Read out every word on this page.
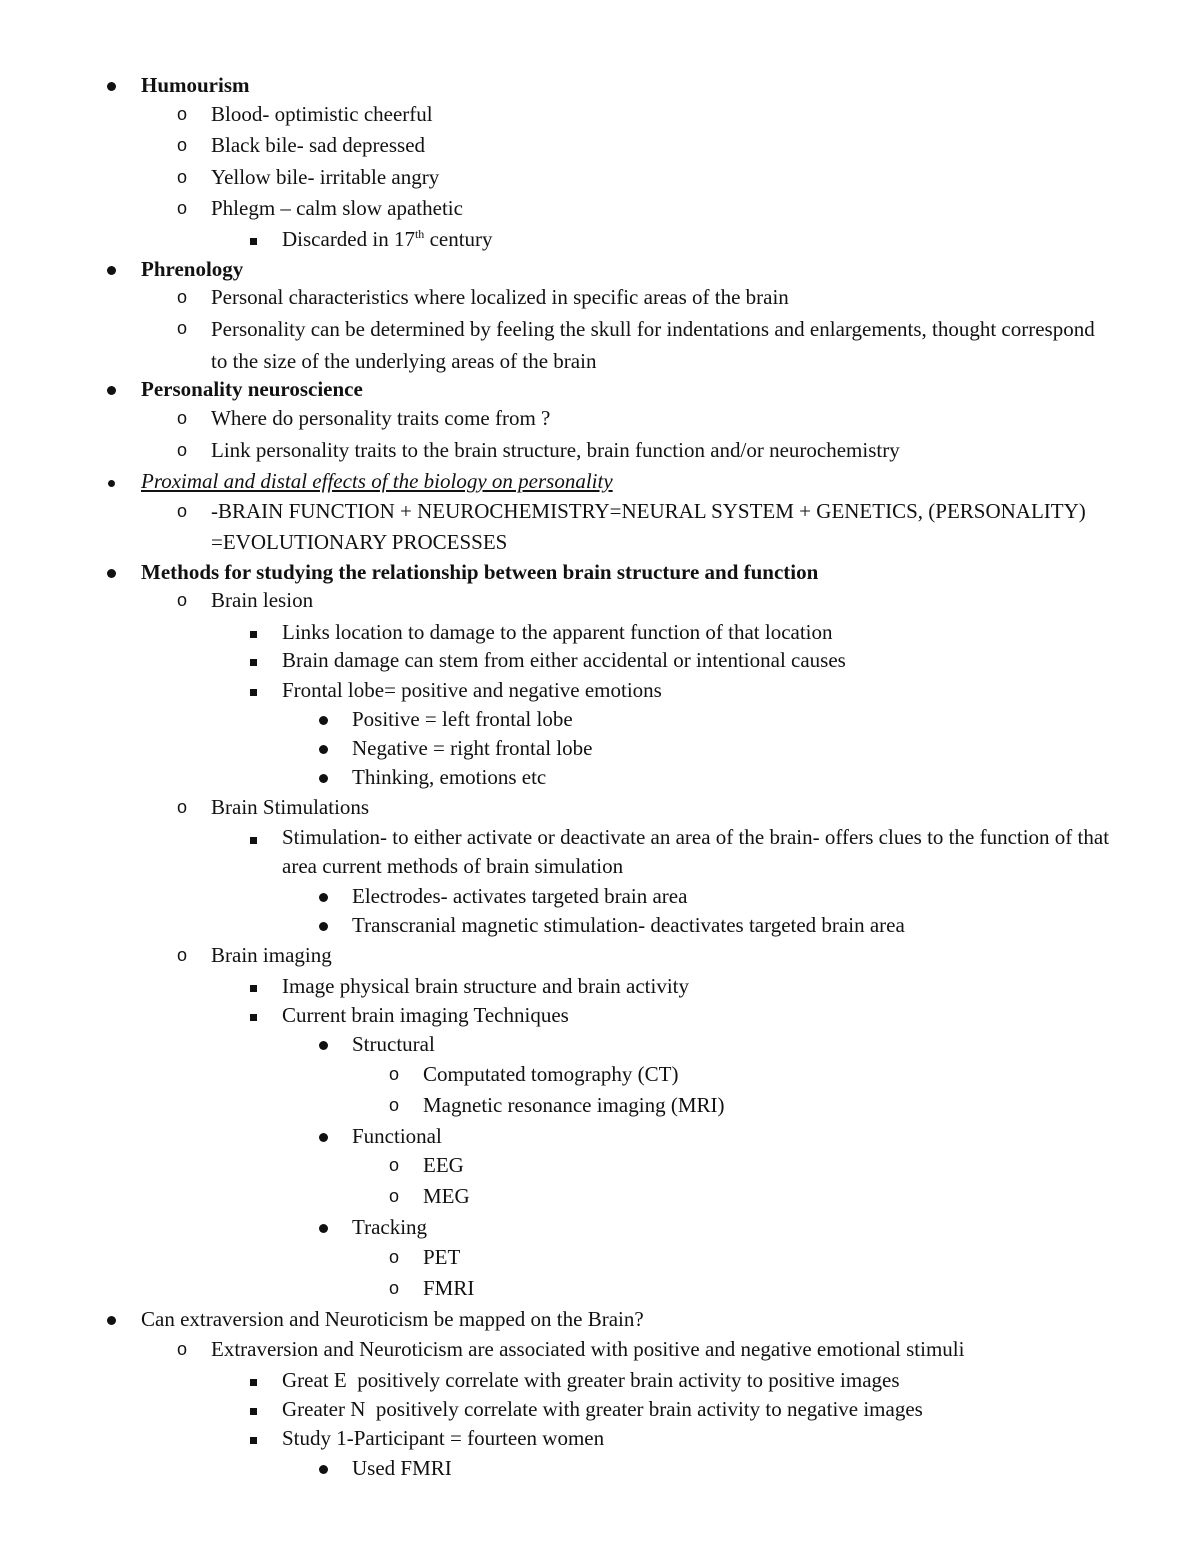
Humourism
o Blood- optimistic cheerful
o Black bile- sad depressed
o Yellow bile- irritable angry
o Phlegm – calm slow apathetic
Discarded in 17th century
Phrenology
o Personal characteristics where localized in specific areas of the brain
o Personality can be determined by feeling the skull for indentations and enlargements, thought correspond to the size of the underlying areas of the brain
Personality neuroscience
o Where do personality traits come from ?
o Link personality traits to the brain structure, brain function and/or neurochemistry
Proximal and distal effects of the biology on personality
o -BRAIN FUNCTION + NEUROCHEMISTRY=NEURAL SYSTEM + GENETICS, (PERSONALITY) =EVOLUTIONARY PROCESSES
Methods for studying the relationship between brain structure and function
o Brain lesion
Links location to damage to the apparent function of that location
Brain damage can stem from either accidental or intentional causes
Frontal lobe= positive and negative emotions
Positive = left frontal lobe
Negative = right frontal lobe
Thinking, emotions etc
o Brain Stimulations
Stimulation- to either activate or deactivate an area of the brain- offers clues to the function of that area current methods of brain simulation
Electrodes- activates targeted brain area
Transcranial magnetic stimulation- deactivates targeted brain area
o Brain imaging
Image physical brain structure and brain activity
Current brain imaging Techniques
Structural
o Computated tomography (CT)
o Magnetic resonance imaging (MRI)
Functional
o EEG
o MEG
Tracking
o PET
o FMRI
Can extraversion and Neuroticism be mapped on the Brain?
o Extraversion and Neuroticism are associated with positive and negative emotional stimuli
Great E  positively correlate with greater brain activity to positive images
Greater N  positively correlate with greater brain activity to negative images
Study 1-Participant = fourteen women
Used FMRI
